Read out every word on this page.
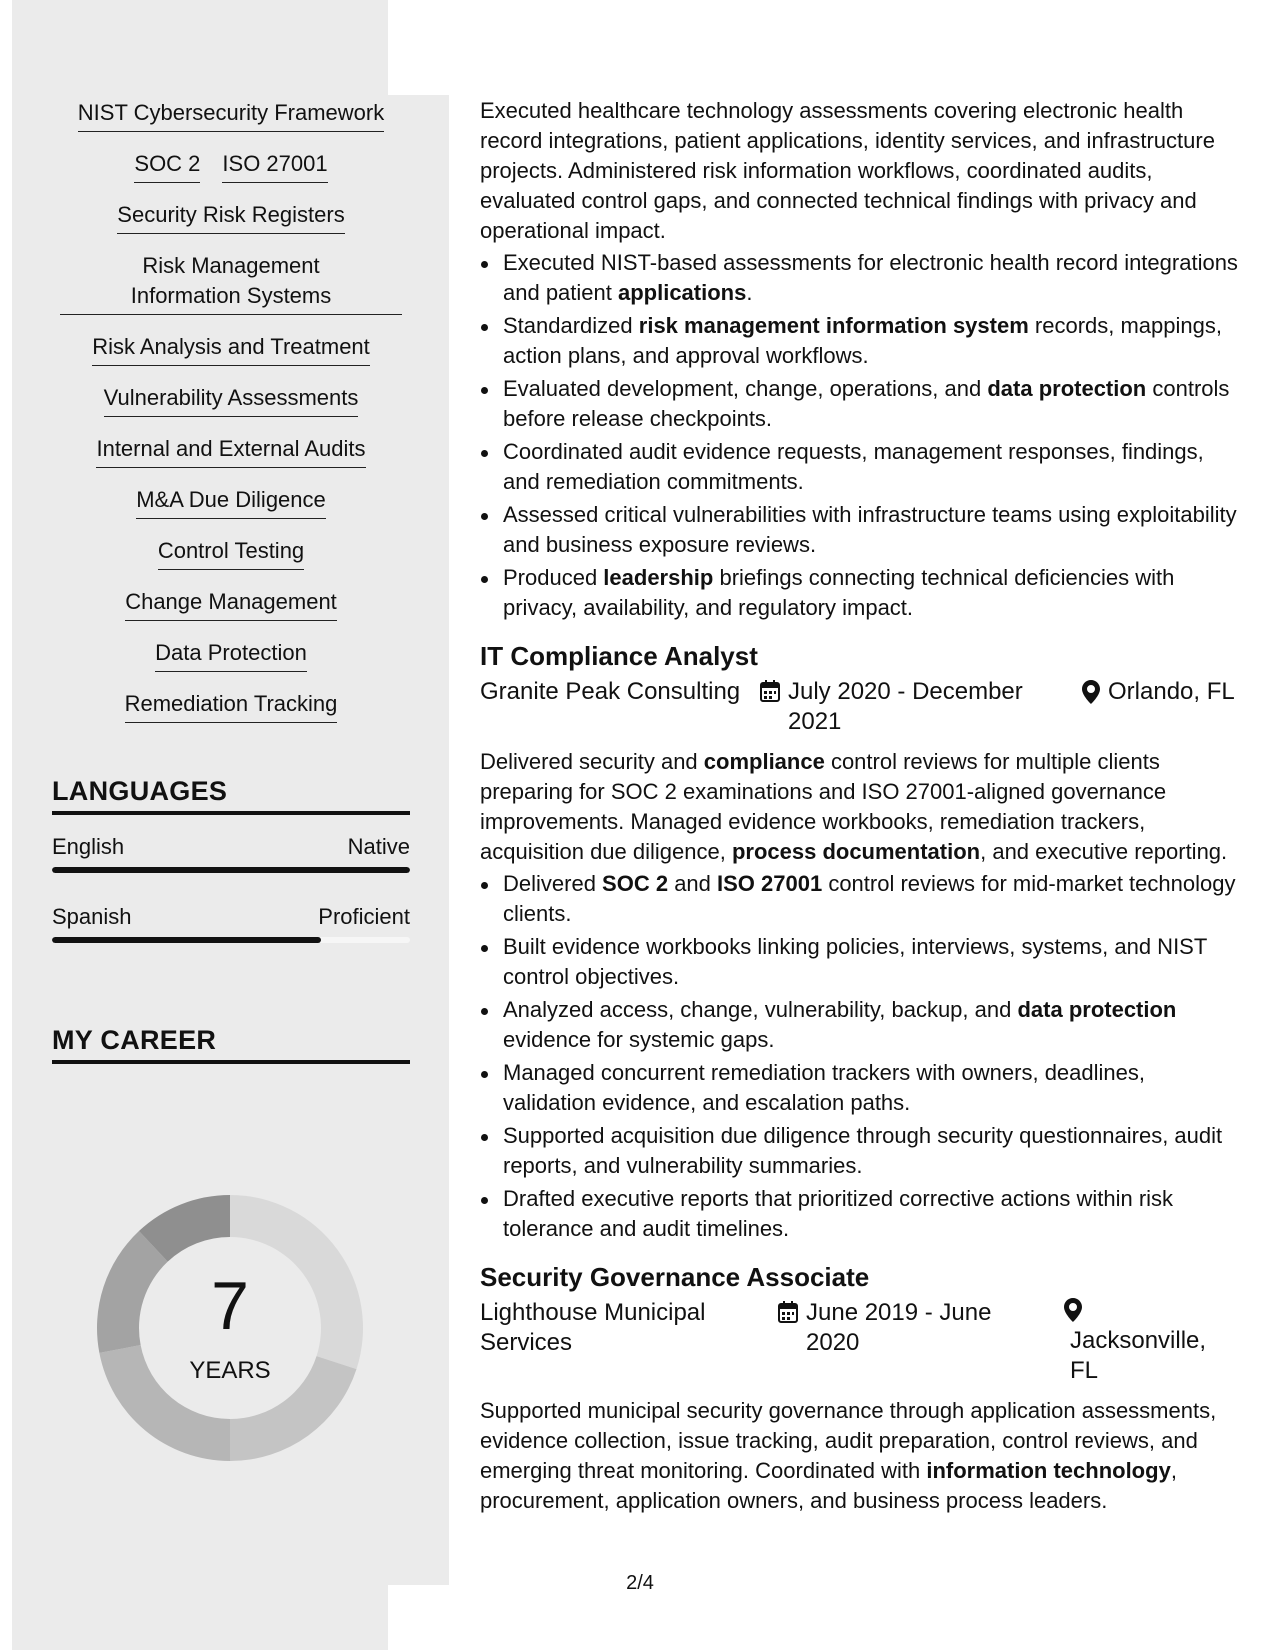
NIST Cybersecurity Framework
SOC 2 ISO 27001
Security Risk Registers
Risk Management Information Systems
Risk Analysis and Treatment
Vulnerability Assessments
Internal and External Audits
M&A Due Diligence
Control Testing
Change Management
Data Protection
Remediation Tracking
LANGUAGES
English	Native
Spanish	Proficient
MY CAREER
7
YEARS

Executed healthcare technology assessments covering electronic health record integrations, patient applications, identity services, and infrastructure projects. Administered risk information workflows, coordinated audits, evaluated control gaps, and connected technical findings with privacy and operational impact.

Executed NIST-based assessments for electronic health record integrations and patient applications.
Standardized risk management information system records, mappings, action plans, and approval workflows.
Evaluated development, change, operations, and data protection controls before release checkpoints.
Coordinated audit evidence requests, management responses, findings, and remediation commitments.
Assessed critical vulnerabilities with infrastructure teams using exploitability and business exposure reviews.
Produced leadership briefings connecting technical deficiencies with privacy, availability, and regulatory impact.
IT Compliance Analyst
Granite Peak Consulting	July 2020 - December 2021
Orlando, FL

Delivered security and compliance control reviews for multiple clients preparing for SOC 2 examinations and ISO 27001-aligned governance improvements. Managed evidence workbooks, remediation trackers, acquisition due diligence, process documentation, and executive reporting.

Delivered SOC 2 and ISO 27001 control reviews for mid-market technology clients.
Built evidence workbooks linking policies, interviews, systems, and NIST control objectives.
Analyzed access, change, vulnerability, backup, and data protection evidence for systemic gaps.
Managed concurrent remediation trackers with owners, deadlines, validation evidence, and escalation paths.
Supported acquisition due diligence through security questionnaires, audit reports, and vulnerability summaries.
Drafted executive reports that prioritized corrective actions within risk tolerance and audit timelines.
Security Governance Associate
Lighthouse Municipal Services
June 2019 - June 2020	Jacksonville, FL

Supported municipal security governance through application assessments, evidence collection, issue tracking, audit preparation, control reviews, and emerging threat monitoring. Coordinated with information technology, procurement, application owners, and business process leaders.

2/4
